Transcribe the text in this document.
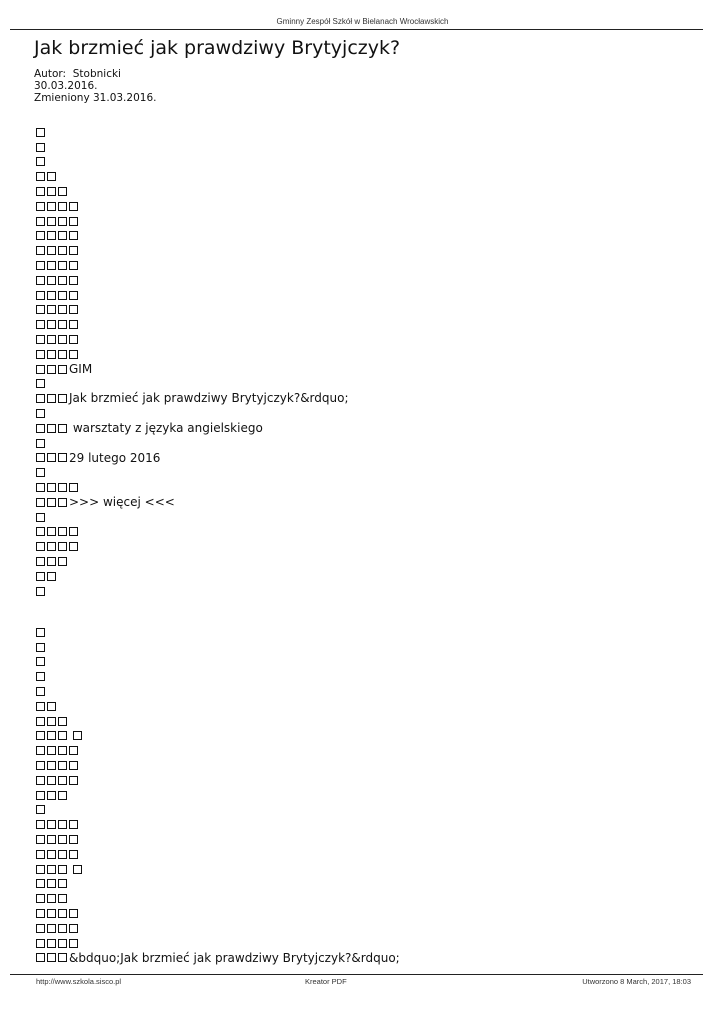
Gminny Zespół Szkół w Bielanach Wrocławskich
Jak brzmieć jak prawdziwy Brytyjczyk?
Autor: Stobnicki
30.03.2016.
Zmieniony 31.03.2016.
GIM
Jak brzmieć jak prawdziwy Brytyjczyk?&rdquo;
warsztaty z języka angielskiego
29 lutego 2016
>>> więcej <<<
&bdquo;Jak brzmieć jak prawdziwy Brytyjczyk?&rdquo;
http://www.szkola.sisco.pl	Kreator PDF	Utworzono 8 March, 2017, 18:03
